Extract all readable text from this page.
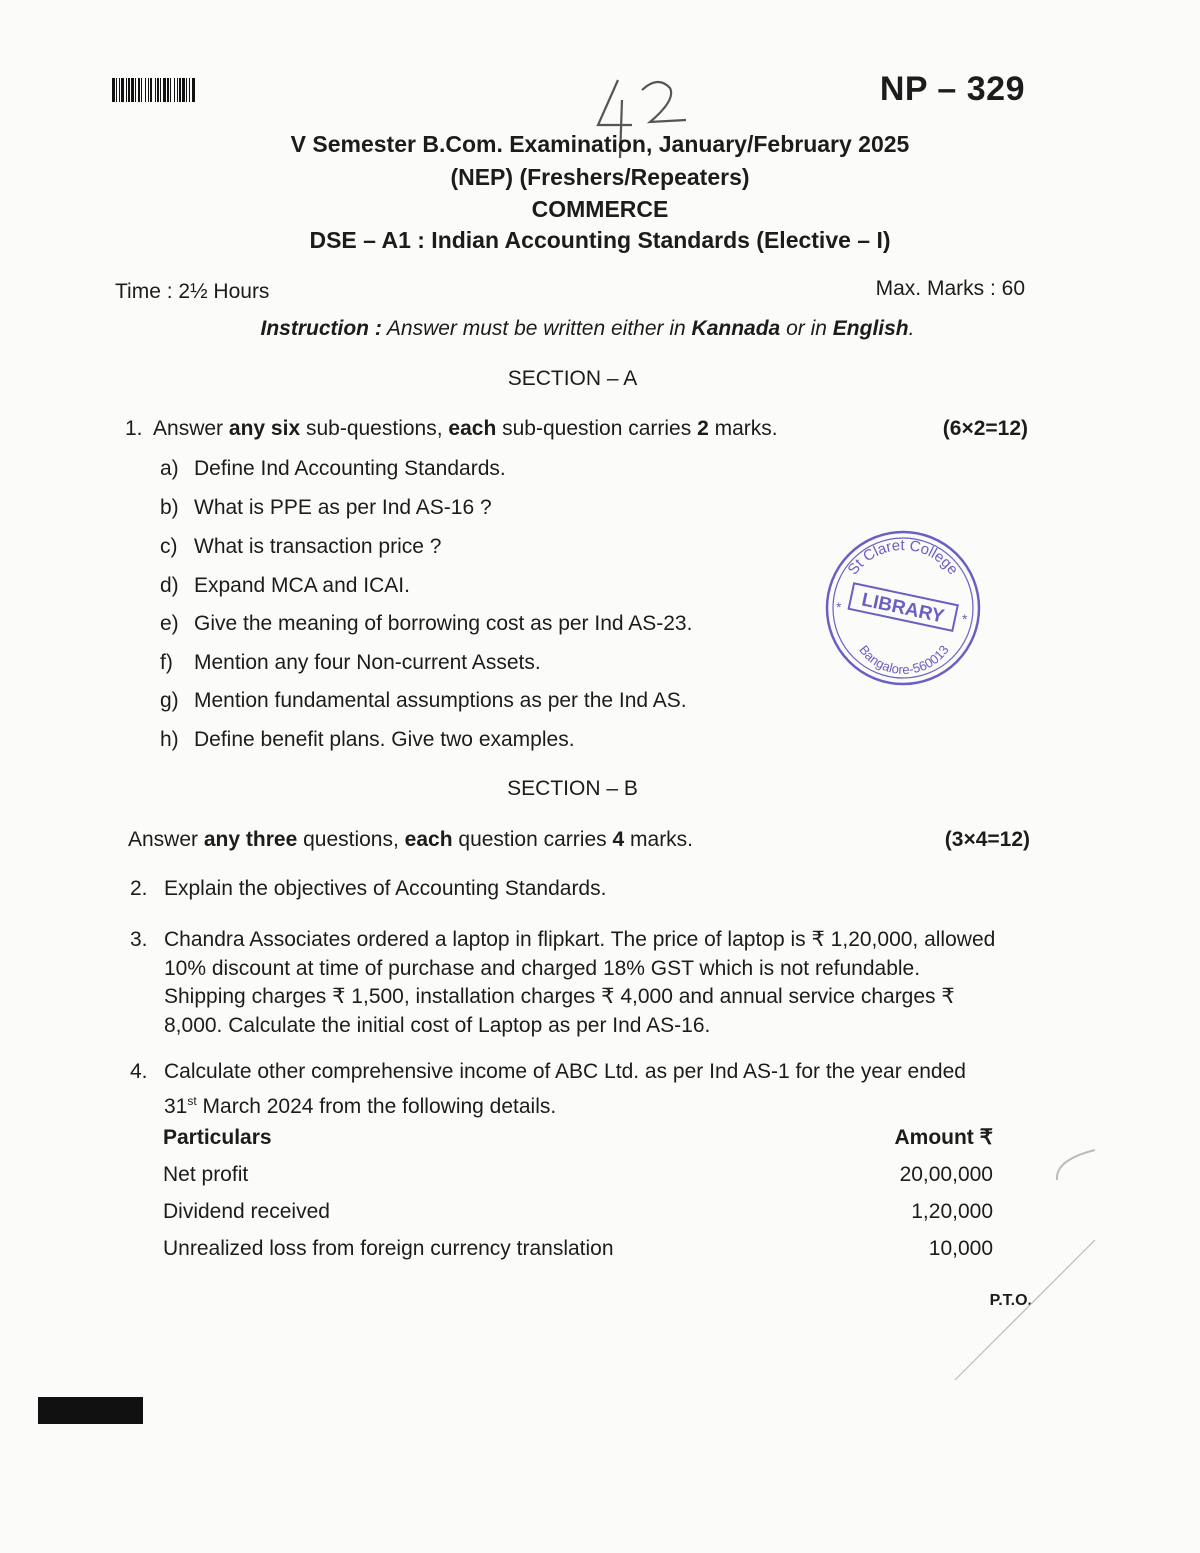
NP – 329
V Semester B.Com. Examination, January/February 2025
(NEP) (Freshers/Repeaters)
COMMERCE
DSE – A1 : Indian Accounting Standards (Elective – I)
Time : 2½ Hours	Max. Marks : 60
Instruction : Answer must be written either in Kannada or in English.
SECTION – A
1. Answer any six sub-questions, each sub-question carries 2 marks.	(6×2=12)
a) Define Ind Accounting Standards.
b) What is PPE as per Ind AS-16 ?
c) What is transaction price ?
d) Expand MCA and ICAI.
e) Give the meaning of borrowing cost as per Ind AS-23.
f) Mention any four Non-current Assets.
g) Mention fundamental assumptions as per the Ind AS.
h) Define benefit plans. Give two examples.
St Claret College
Bangalore-560013
LIBRARY
*
*
SECTION – B
Answer any three questions, each question carries 4 marks.	(3×4=12)
2. Explain the objectives of Accounting Standards.
3. Chandra Associates ordered a laptop in flipkart. The price of laptop is ₹ 1,20,000, allowed 10% discount at time of purchase and charged 18% GST which is not refundable. Shipping charges ₹ 1,500, installation charges ₹ 4,000 and annual service charges ₹ 8,000. Calculate the initial cost of Laptop as per Ind AS-16.
4. Calculate other comprehensive income of ABC Ltd. as per Ind AS-1 for the year ended 31st March 2024 from the following details.
Particulars	Amount ₹
Net profit	20,00,000
Dividend received	1,20,000
Unrealized loss from foreign currency translation	10,000
P.T.O.
